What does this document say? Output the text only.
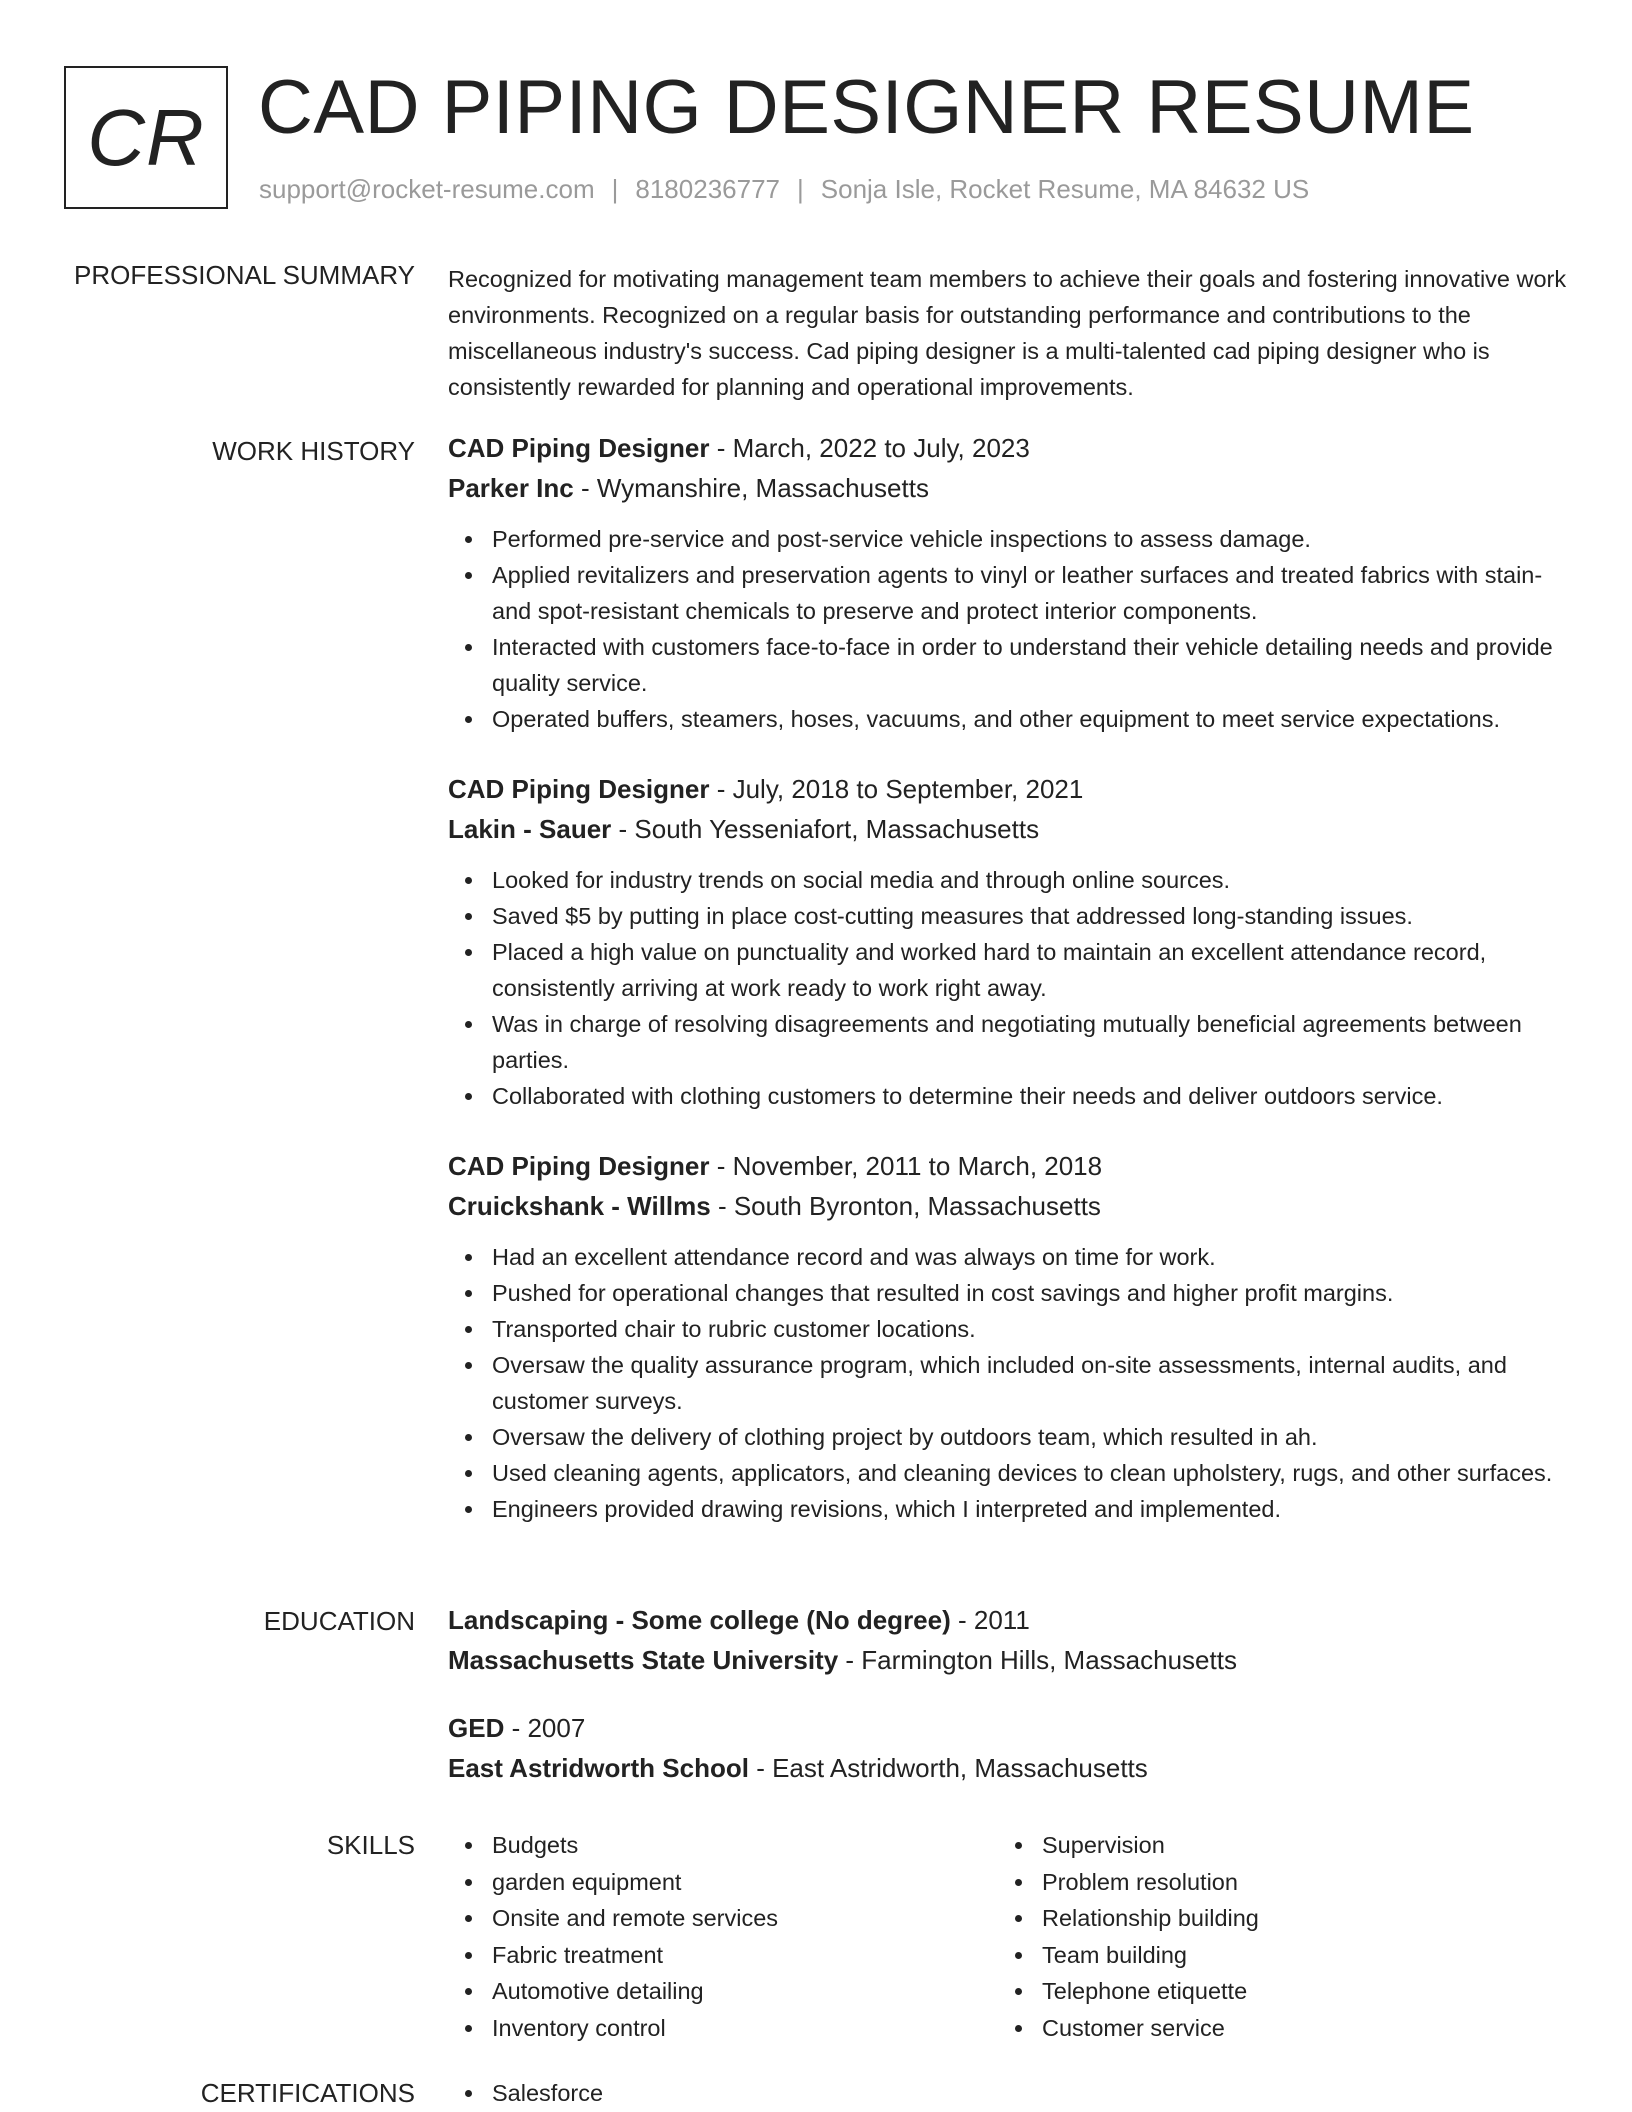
CR CAD PIPING DESIGNER RESUME
support@rocket-resume.com | 8180236777 | Sonja Isle, Rocket Resume, MA 84632 US
PROFESSIONAL SUMMARY Recognized for motivating management team members to achieve their goals and fostering innovative work environments. Recognized on a regular basis for outstanding performance and contributions to the miscellaneous industry's success. Cad piping designer is a multi-talented cad piping designer who is consistently rewarded for planning and operational improvements.

WORK HISTORY CAD Piping Designer - March, 2022 to July, 2023
Parker Inc - Wymanshire, Massachusetts
Performed pre-service and post-service vehicle inspections to assess damage.
Applied revitalizers and preservation agents to vinyl or leather surfaces and treated fabrics with stain- and spot-resistant chemicals to preserve and protect interior components.
Interacted with customers face-to-face in order to understand their vehicle detailing needs and provide quality service.
Operated buffers, steamers, hoses, vacuums, and other equipment to meet service expectations.
CAD Piping Designer - July, 2018 to September, 2021
Lakin - Sauer - South Yesseniafort, Massachusetts
Looked for industry trends on social media and through online sources.
Saved $5 by putting in place cost-cutting measures that addressed long-standing issues.
Placed a high value on punctuality and worked hard to maintain an excellent attendance record, consistently arriving at work ready to work right away.
Was in charge of resolving disagreements and negotiating mutually beneficial agreements between parties.
Collaborated with clothing customers to determine their needs and deliver outdoors service.
CAD Piping Designer - November, 2011 to March, 2018
Cruickshank - Willms - South Byronton, Massachusetts
Had an excellent attendance record and was always on time for work.
Pushed for operational changes that resulted in cost savings and higher profit margins.
Transported chair to rubric customer locations.
Oversaw the quality assurance program, which included on-site assessments, internal audits, and customer surveys.
Oversaw the delivery of clothing project by outdoors team, which resulted in ah.
Used cleaning agents, applicators, and cleaning devices to clean upholstery, rugs, and other surfaces.
Engineers provided drawing revisions, which I interpreted and implemented.
EDUCATION Landscaping - Some college (No degree) - 2011
Massachusetts State University - Farmington Hills, Massachusetts
GED - 2007
East Astridworth School - East Astridworth, Massachusetts
SKILLS	Budgets
garden equipment
Onsite and remote services
Fabric treatment
Automotive detailing
Inventory control
Supervision
Problem resolution
Relationship building
Team building
Telephone etiquette
Customer service
CERTIFICATIONS	Salesforce
